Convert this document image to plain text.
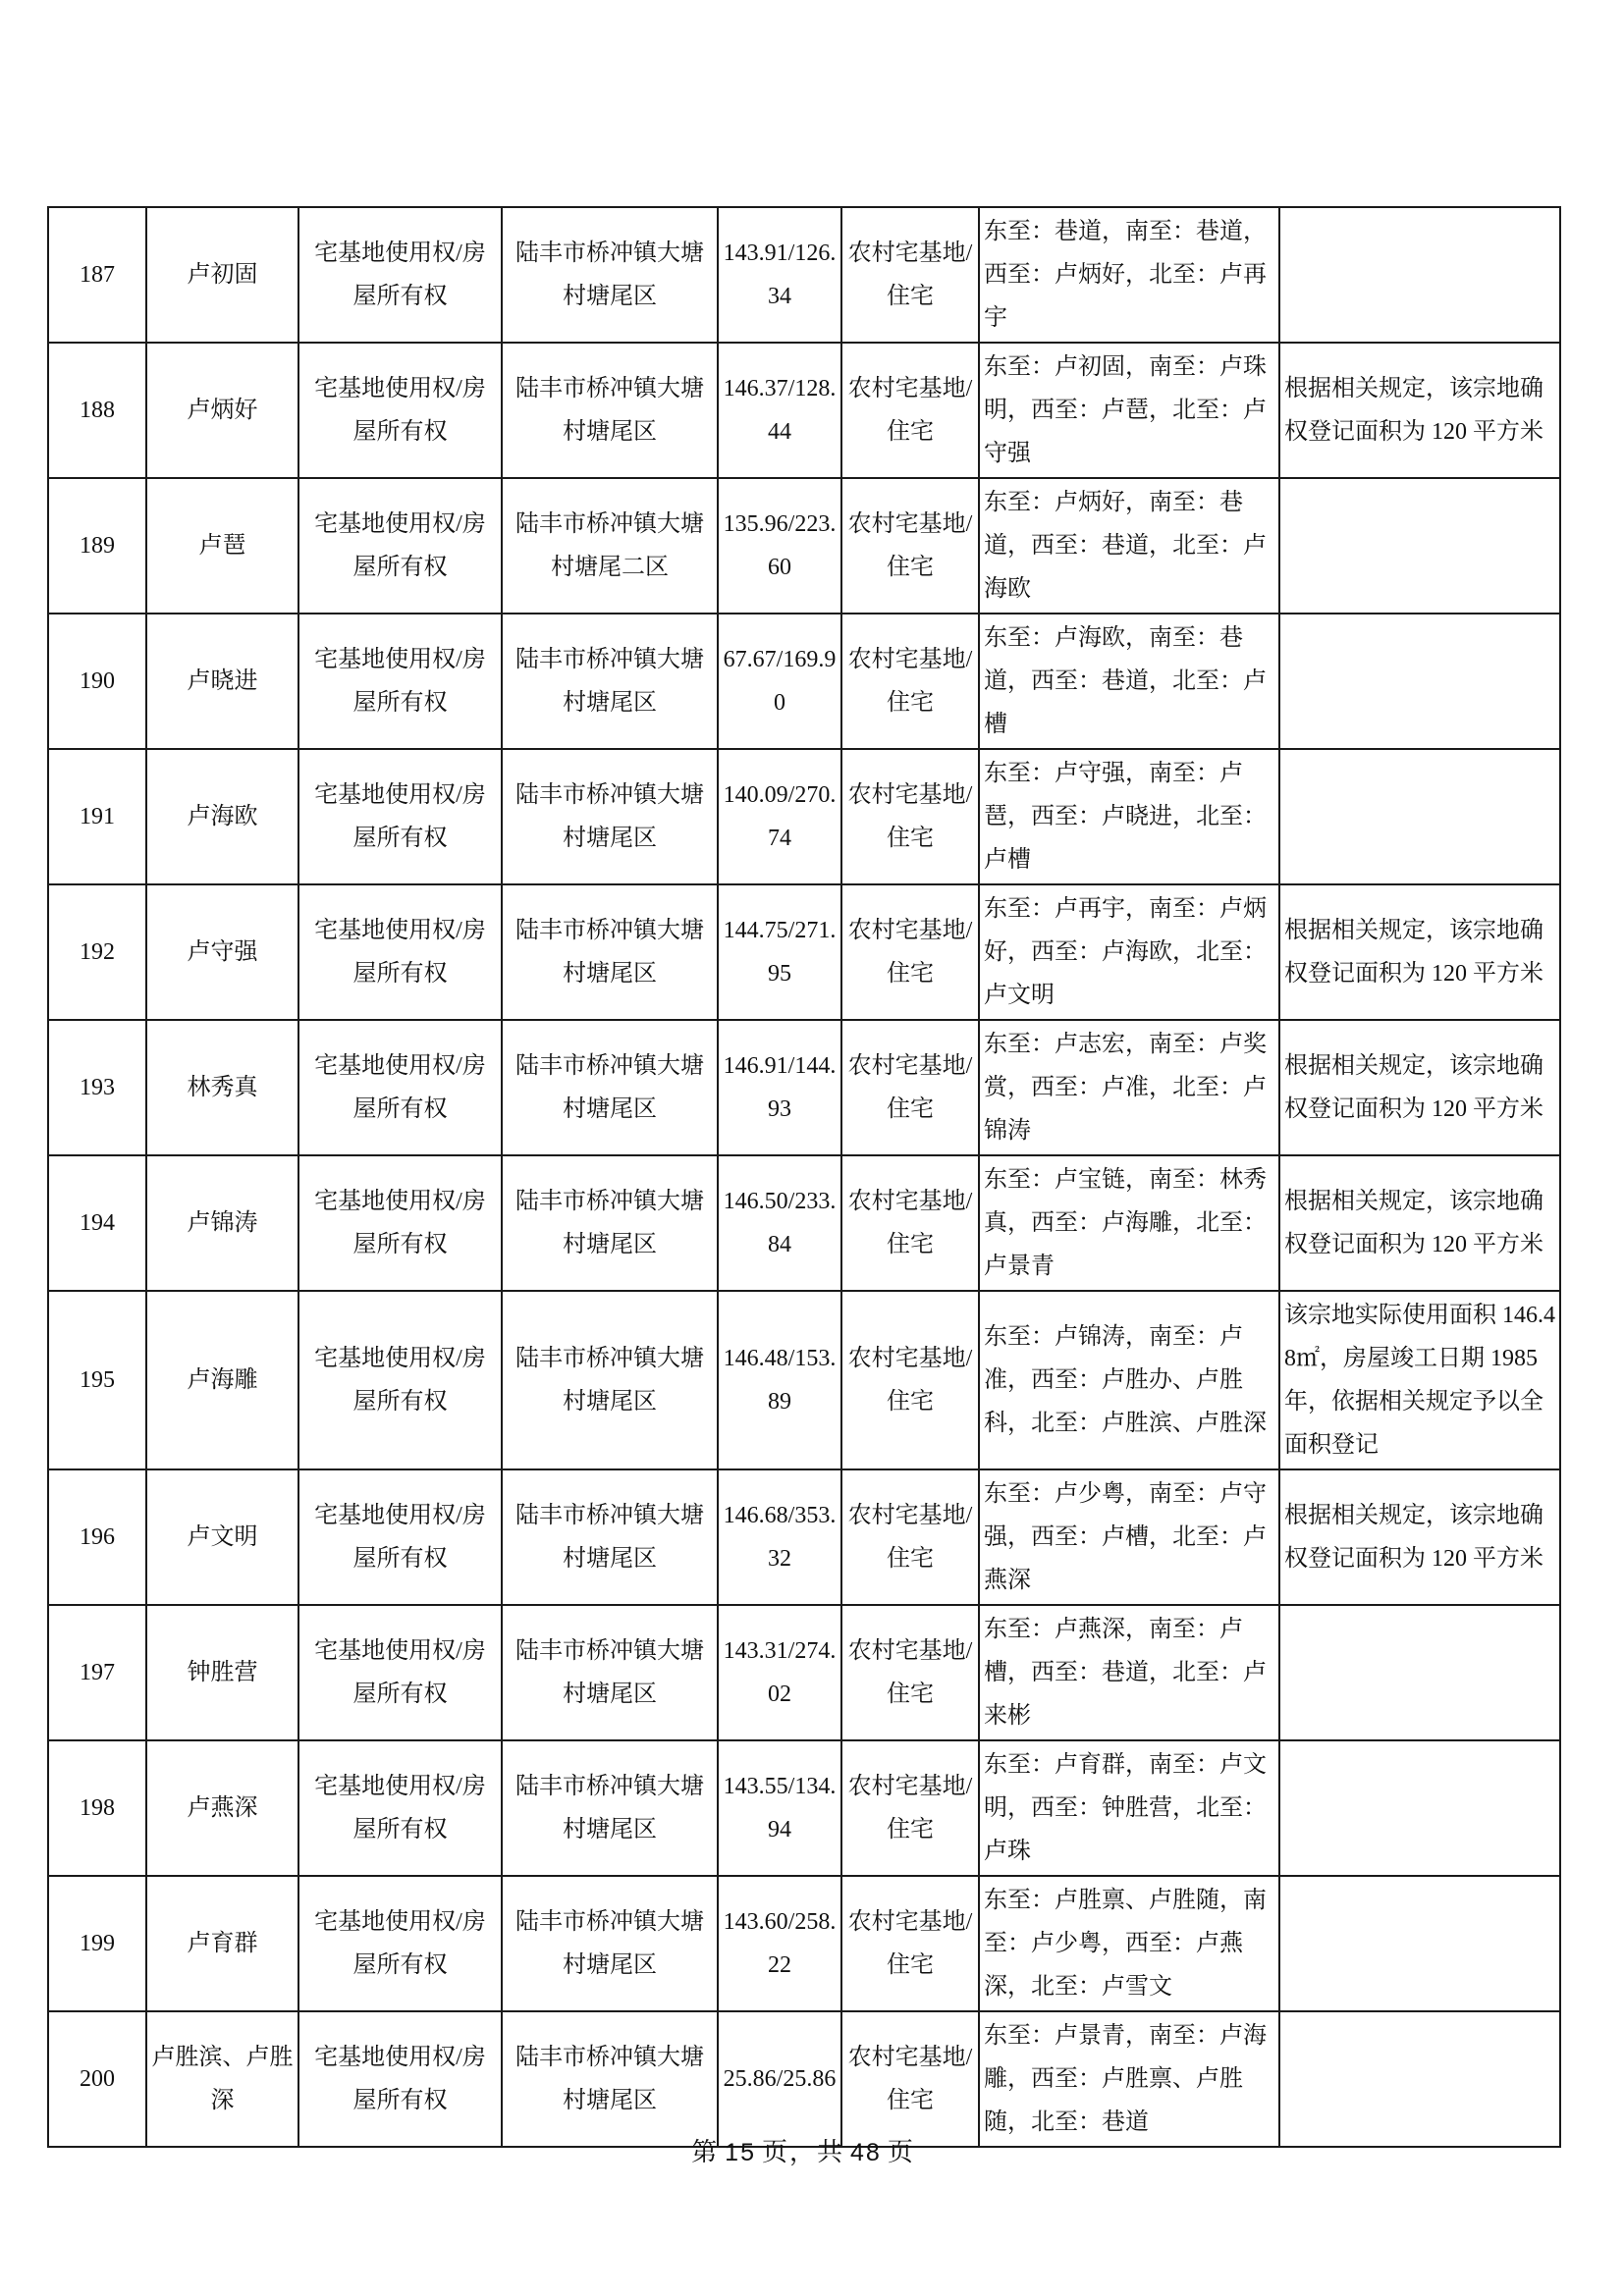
187	卢初固	宅基地使用权/房屋所有权	陆丰市桥冲镇大塘村塘尾区	143.91/126.34	农村宅基地/住宅	东至：巷道，南至：巷道，西至：卢炳好，北至：卢再宇	
188	卢炳好	宅基地使用权/房屋所有权	陆丰市桥冲镇大塘村塘尾区	146.37/128.44	农村宅基地/住宅	东至：卢初固，南至：卢珠明，西至：卢琶，北至：卢守强	根据相关规定，该宗地确权登记面积为 120 平方米
189	卢琶	宅基地使用权/房屋所有权	陆丰市桥冲镇大塘村塘尾二区	135.96/223.60	农村宅基地/住宅	东至：卢炳好，南至：巷道，西至：巷道，北至：卢海欧	
190	卢晓进	宅基地使用权/房屋所有权	陆丰市桥冲镇大塘村塘尾区	67.67/169.90	农村宅基地/住宅	东至：卢海欧，南至：巷道，西至：巷道，北至：卢槽	
191	卢海欧	宅基地使用权/房屋所有权	陆丰市桥冲镇大塘村塘尾区	140.09/270.74	农村宅基地/住宅	东至：卢守强，南至：卢琶，西至：卢晓进，北至：卢槽	
192	卢守强	宅基地使用权/房屋所有权	陆丰市桥冲镇大塘村塘尾区	144.75/271.95	农村宅基地/住宅	东至：卢再宇，南至：卢炳好，西至：卢海欧，北至：卢文明	根据相关规定，该宗地确权登记面积为 120 平方米
193	林秀真	宅基地使用权/房屋所有权	陆丰市桥冲镇大塘村塘尾区	146.91/144.93	农村宅基地/住宅	东至：卢志宏，南至：卢奖赏，西至：卢准，北至：卢锦涛	根据相关规定，该宗地确权登记面积为 120 平方米
194	卢锦涛	宅基地使用权/房屋所有权	陆丰市桥冲镇大塘村塘尾区	146.50/233.84	农村宅基地/住宅	东至：卢宝链，南至：林秀真，西至：卢海雕，北至：卢景青	根据相关规定，该宗地确权登记面积为 120 平方米
195	卢海雕	宅基地使用权/房屋所有权	陆丰市桥冲镇大塘村塘尾区	146.48/153.89	农村宅基地/住宅	东至：卢锦涛，南至：卢准，西至：卢胜办、卢胜科，北至：卢胜滨、卢胜深	该宗地实际使用面积 146.48㎡，房屋竣工日期 1985 年，依据相关规定予以全面积登记
196	卢文明	宅基地使用权/房屋所有权	陆丰市桥冲镇大塘村塘尾区	146.68/353.32	农村宅基地/住宅	东至：卢少粤，南至：卢守强，西至：卢槽，北至：卢燕深	根据相关规定，该宗地确权登记面积为 120 平方米
197	钟胜营	宅基地使用权/房屋所有权	陆丰市桥冲镇大塘村塘尾区	143.31/274.02	农村宅基地/住宅	东至：卢燕深，南至：卢槽，西至：巷道，北至：卢来彬	
198	卢燕深	宅基地使用权/房屋所有权	陆丰市桥冲镇大塘村塘尾区	143.55/134.94	农村宅基地/住宅	东至：卢育群，南至：卢文明，西至：钟胜营，北至：卢珠	
199	卢育群	宅基地使用权/房屋所有权	陆丰市桥冲镇大塘村塘尾区	143.60/258.22	农村宅基地/住宅	东至：卢胜禀、卢胜随，南至：卢少粤，西至：卢燕深，北至：卢雪文	
200	卢胜滨、卢胜深	宅基地使用权/房屋所有权	陆丰市桥冲镇大塘村塘尾区	25.86/25.86	农村宅基地/住宅	东至：卢景青，南至：卢海雕，西至：卢胜禀、卢胜随，北至：巷道	
第 15 页，共 48 页
